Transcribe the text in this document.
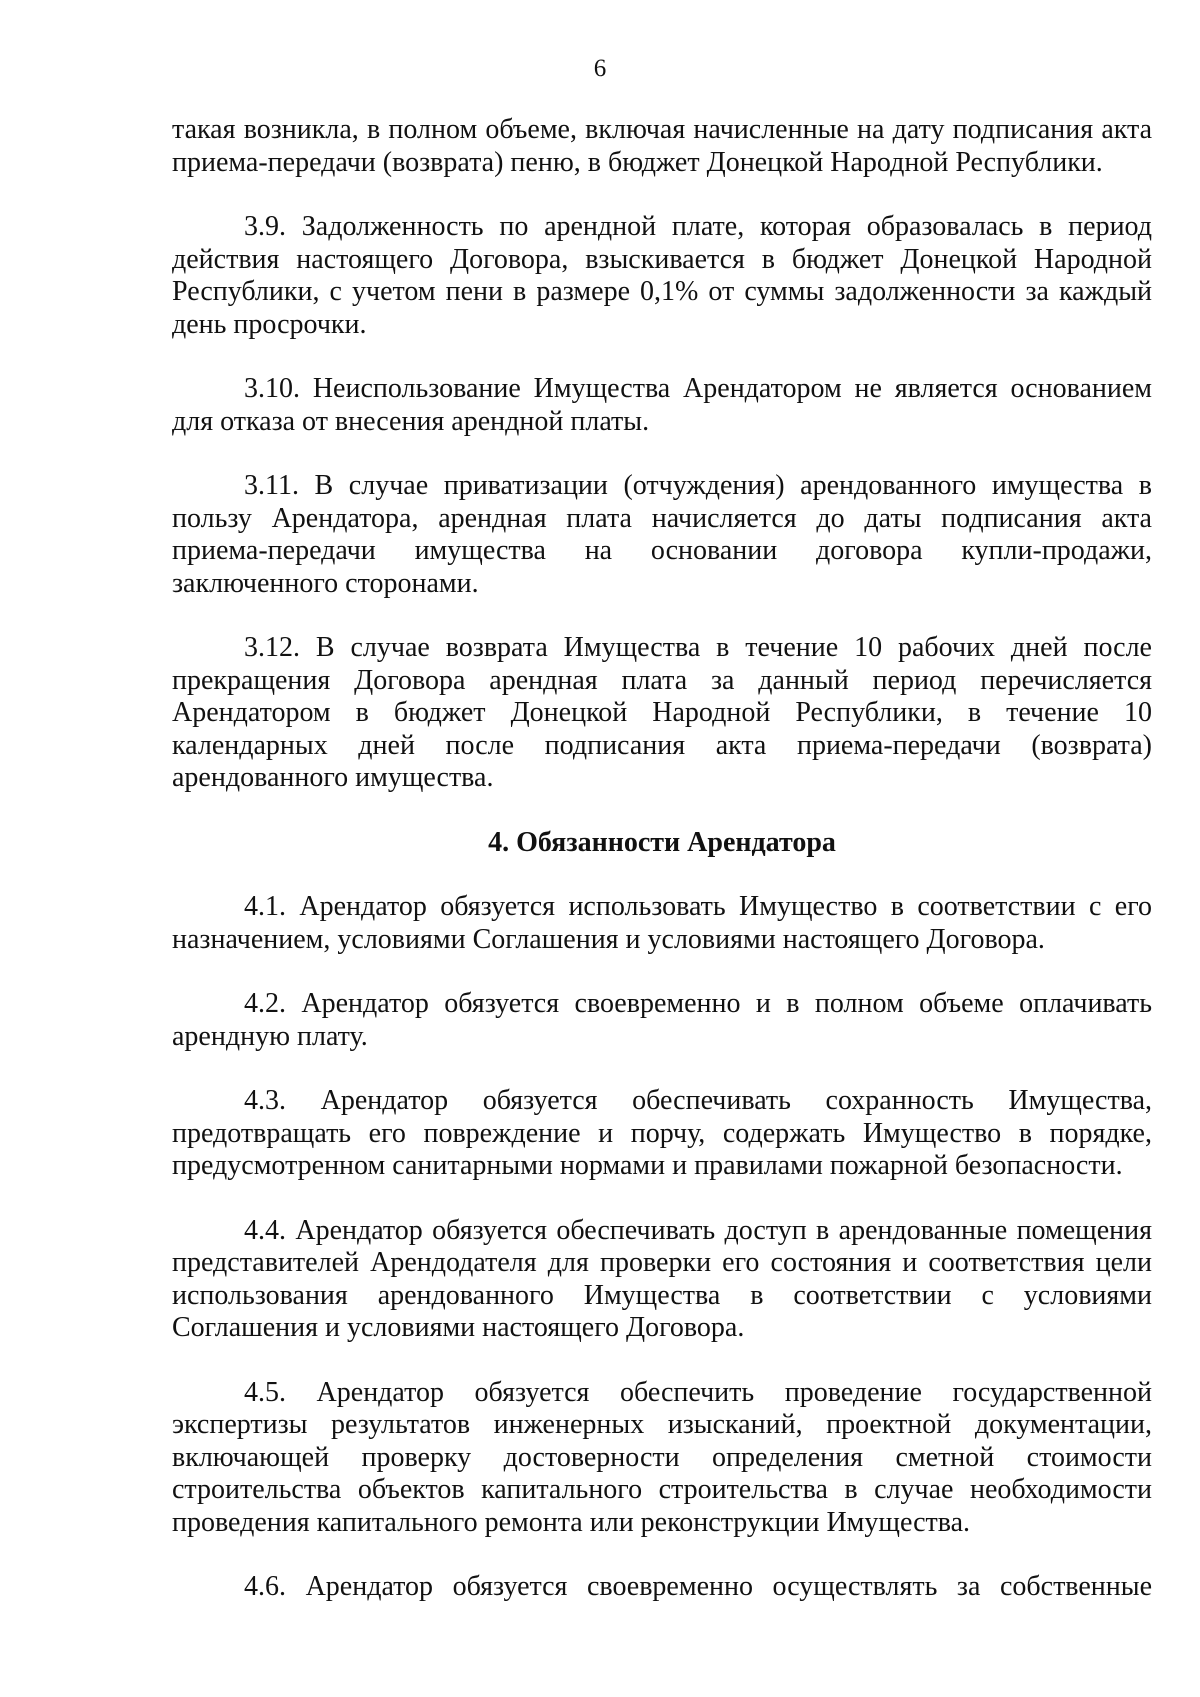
6

такая возникла, в полном объеме, включая начисленные на дату подписания акта приема-передачи (возврата) пеню, в бюджет Донецкой Народной Республики.

3.9. Задолженность по арендной плате, которая образовалась в период действия настоящего Договора, взыскивается в бюджет Донецкой Народной Республики, с учетом пени в размере 0,1% от суммы задолженности за каждый день просрочки.

3.10. Неиспользование Имущества Арендатором не является основанием для отказа от внесения арендной платы.

3.11. В случае приватизации (отчуждения) арендованного имущества в пользу Арендатора, арендная плата начисляется до даты подписания акта приема-передачи имущества на основании договора купли-продажи, заключенного сторонами.

3.12. В случае возврата Имущества в течение 10 рабочих дней после прекращения Договора арендная плата за данный период перечисляется Арендатором в бюджет Донецкой Народной Республики, в течение 10 календарных дней после подписания акта приема-передачи (возврата) арендованного имущества.

4. Обязанности Арендатора

4.1. Арендатор обязуется использовать Имущество в соответствии с его назначением, условиями Соглашения и условиями настоящего Договора.

4.2. Арендатор обязуется своевременно и в полном объеме оплачивать арендную плату.

4.3. Арендатор обязуется обеспечивать сохранность Имущества, предотвращать его повреждение и порчу, содержать Имущество в порядке, предусмотренном санитарными нормами и правилами пожарной безопасности.

4.4. Арендатор обязуется обеспечивать доступ в арендованные помещения представителей Арендодателя для проверки его состояния и соответствия цели использования арендованного Имущества в соответствии с условиями Соглашения и условиями настоящего Договора.

4.5. Арендатор обязуется обеспечить проведение государственной экспертизы результатов инженерных изысканий, проектной документации, включающей проверку достоверности определения сметной стоимости строительства объектов капитального строительства в случае необходимости проведения капитального ремонта или реконструкции Имущества.

4.6. Арендатор обязуется своевременно осуществлять за собственные
